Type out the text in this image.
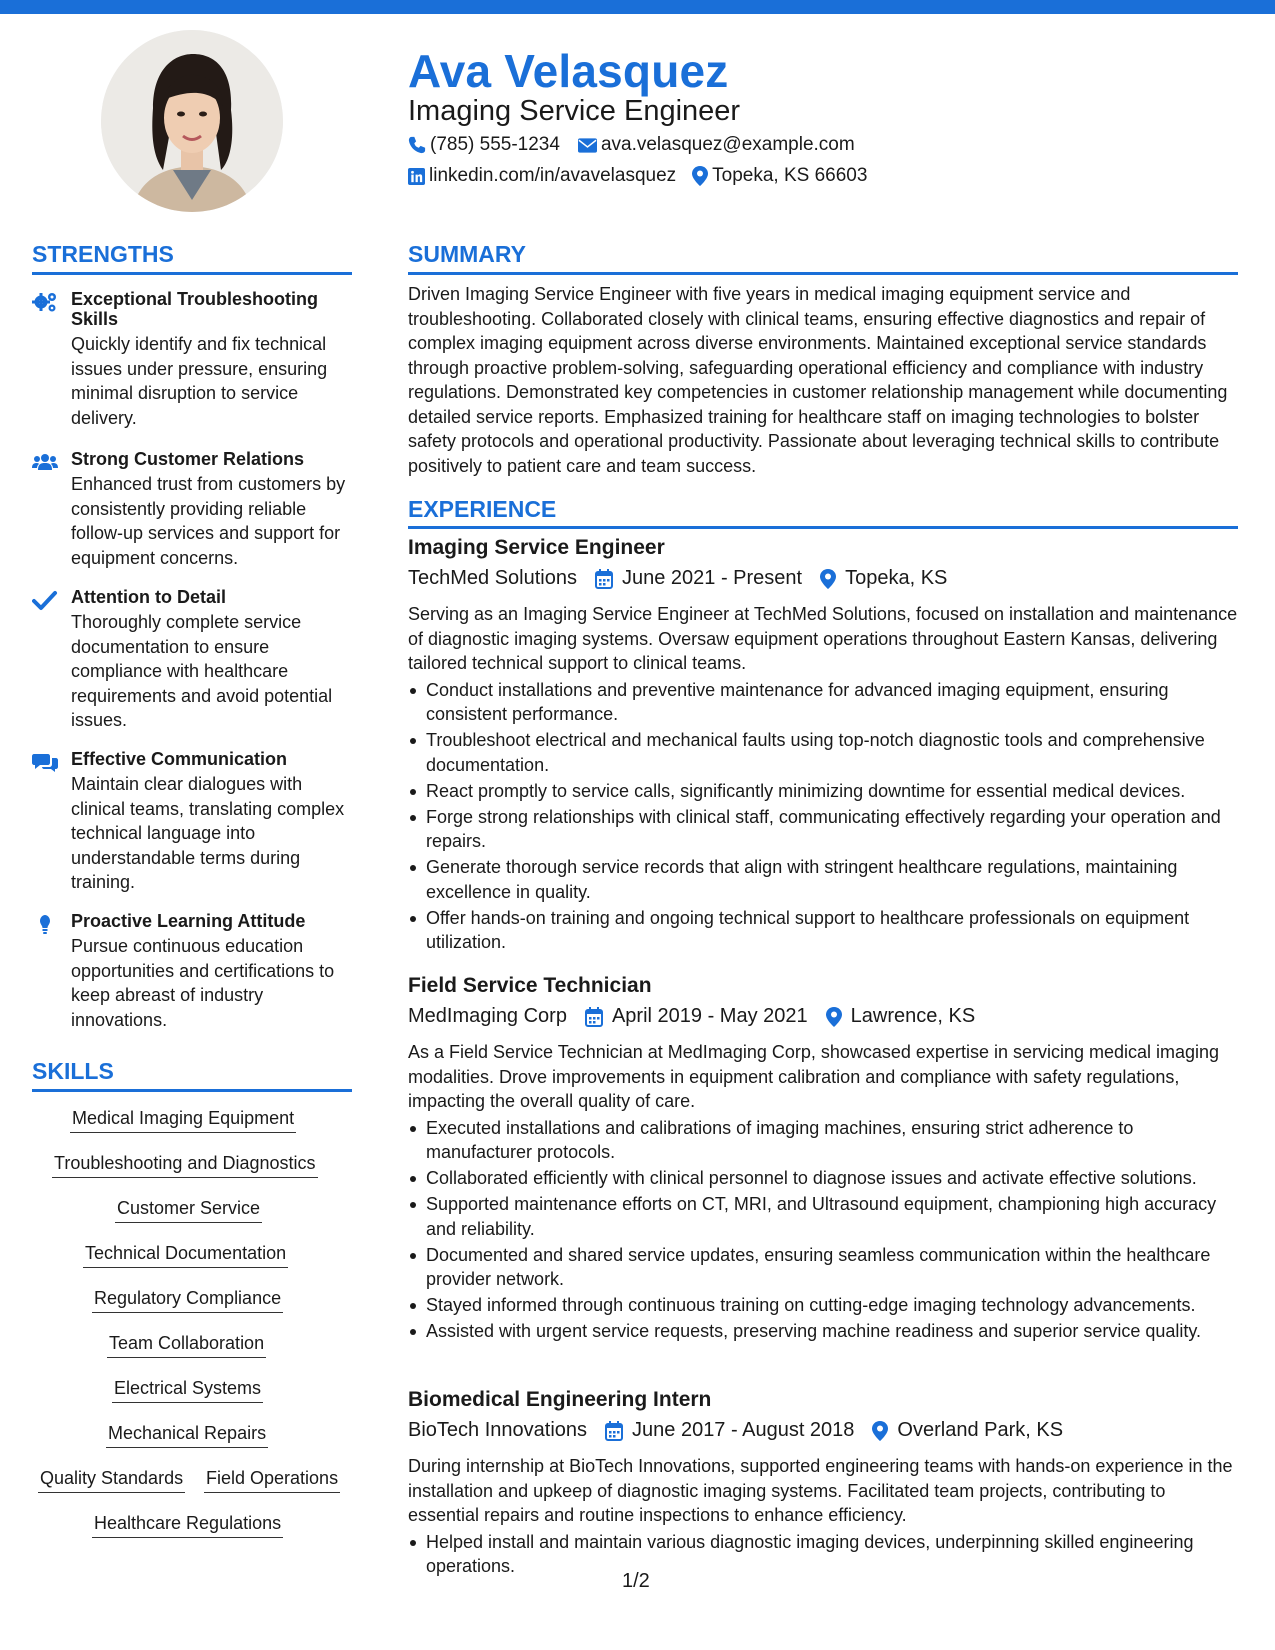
Ava Velasquez
Imaging Service Engineer
(785) 555-1234 ava.velasquez@example.com
linkedin.com/in/avavelasquez Topeka, KS 66603
STRENGTHS
Exceptional Troubleshooting Skills
Quickly identify and fix technical issues under pressure, ensuring minimal disruption to service delivery.
Strong Customer Relations
Enhanced trust from customers by consistently providing reliable follow-up services and support for equipment concerns.
Attention to Detail
Thoroughly complete service documentation to ensure compliance with healthcare requirements and avoid potential issues.
Effective Communication
Maintain clear dialogues with clinical teams, translating complex technical language into understandable terms during training.
Proactive Learning Attitude
Pursue continuous education opportunities and certifications to keep abreast of industry innovations.
SKILLS
Medical Imaging Equipment
Troubleshooting and Diagnostics
Customer Service
Technical Documentation
Regulatory Compliance
Team Collaboration
Electrical Systems
Mechanical Repairs
Quality Standards Field Operations
Healthcare Regulations
SUMMARY
Driven Imaging Service Engineer with five years in medical imaging equipment service and troubleshooting. Collaborated closely with clinical teams, ensuring effective diagnostics and repair of complex imaging equipment across diverse environments. Maintained exceptional service standards through proactive problem-solving, safeguarding operational efficiency and compliance with industry regulations. Demonstrated key competencies in customer relationship management while documenting detailed service reports. Emphasized training for healthcare staff on imaging technologies to bolster safety protocols and operational productivity. Passionate about leveraging technical skills to contribute positively to patient care and team success.
EXPERIENCE
Imaging Service Engineer
TechMed Solutions June 2021 - Present Topeka, KS
Serving as an Imaging Service Engineer at TechMed Solutions, focused on installation and maintenance of diagnostic imaging systems. Oversaw equipment operations throughout Eastern Kansas, delivering tailored technical support to clinical teams.
Conduct installations and preventive maintenance for advanced imaging equipment, ensuring consistent performance.
Troubleshoot electrical and mechanical faults using top-notch diagnostic tools and comprehensive documentation.
React promptly to service calls, significantly minimizing downtime for essential medical devices.
Forge strong relationships with clinical staff, communicating effectively regarding your operation and repairs.
Generate thorough service records that align with stringent healthcare regulations, maintaining excellence in quality.
Offer hands-on training and ongoing technical support to healthcare professionals on equipment utilization.
Field Service Technician
MedImaging Corp April 2019 - May 2021 Lawrence, KS
As a Field Service Technician at MedImaging Corp, showcased expertise in servicing medical imaging modalities. Drove improvements in equipment calibration and compliance with safety regulations, impacting the overall quality of care.
Executed installations and calibrations of imaging machines, ensuring strict adherence to manufacturer protocols.
Collaborated efficiently with clinical personnel to diagnose issues and activate effective solutions.
Supported maintenance efforts on CT, MRI, and Ultrasound equipment, championing high accuracy and reliability.
Documented and shared service updates, ensuring seamless communication within the healthcare provider network.
Stayed informed through continuous training on cutting-edge imaging technology advancements.
Assisted with urgent service requests, preserving machine readiness and superior service quality.
Biomedical Engineering Intern
BioTech Innovations June 2017 - August 2018 Overland Park, KS
During internship at BioTech Innovations, supported engineering teams with hands-on experience in the installation and upkeep of diagnostic imaging systems. Facilitated team projects, contributing to essential repairs and routine inspections to enhance efficiency.
Helped install and maintain various diagnostic imaging devices, underpinning skilled engineering operations.
1/2
